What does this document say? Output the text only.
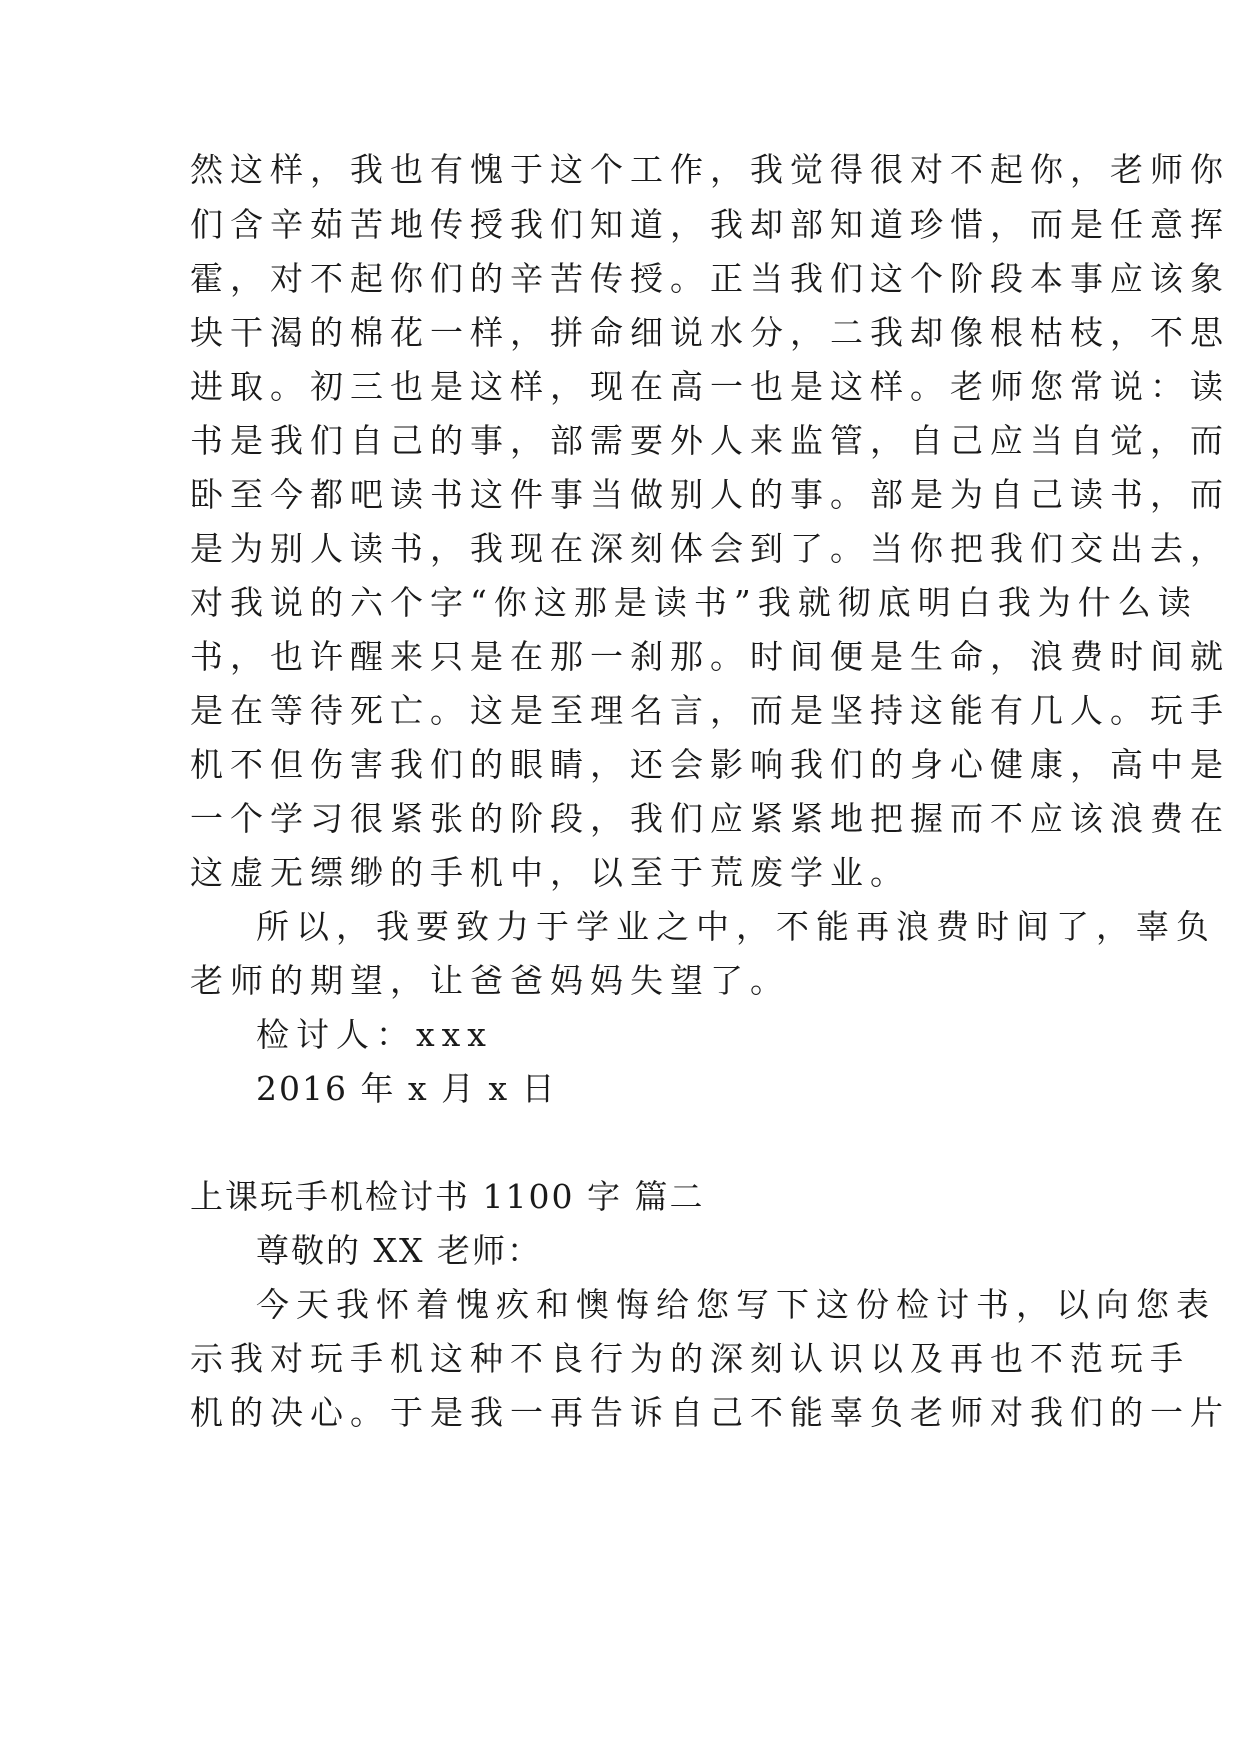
然这样，我也有愧于这个工作，我觉得很对不起你，老师你
们含辛茹苦地传授我们知道，我却部知道珍惜，而是任意挥
霍，对不起你们的辛苦传授。正当我们这个阶段本事应该象
块干渴的棉花一样，拼命细说水分，二我却像根枯枝，不思
进取。初三也是这样，现在高一也是这样。老师您常说：读
书是我们自己的事，部需要外人来监管，自己应当自觉，而
卧至今都吧读书这件事当做别人的事。部是为自己读书，而
是为别人读书，我现在深刻体会到了。当你把我们交出去，
对我说的六个字“你这那是读书”我就彻底明白我为什么读
书，也许醒来只是在那一刹那。时间便是生命，浪费时间就
是在等待死亡。这是至理名言，而是坚持这能有几人。玩手
机不但伤害我们的眼睛，还会影响我们的身心健康，高中是
一个学习很紧张的阶段，我们应紧紧地把握而不应该浪费在
这虚无缥缈的手机中，以至于荒废学业。
所以，我要致力于学业之中，不能再浪费时间了，辜负
老师的期望，让爸爸妈妈失望了。
检讨人：xxx
2016 年 x 月 x 日
上课玩手机检讨书 1100 字 篇二
尊敬的 XX 老师：
今天我怀着愧疚和懊悔给您写下这份检讨书，以向您表
示我对玩手机这种不良行为的深刻认识以及再也不范玩手
机的决心。于是我一再告诉自己不能辜负老师对我们的一片
